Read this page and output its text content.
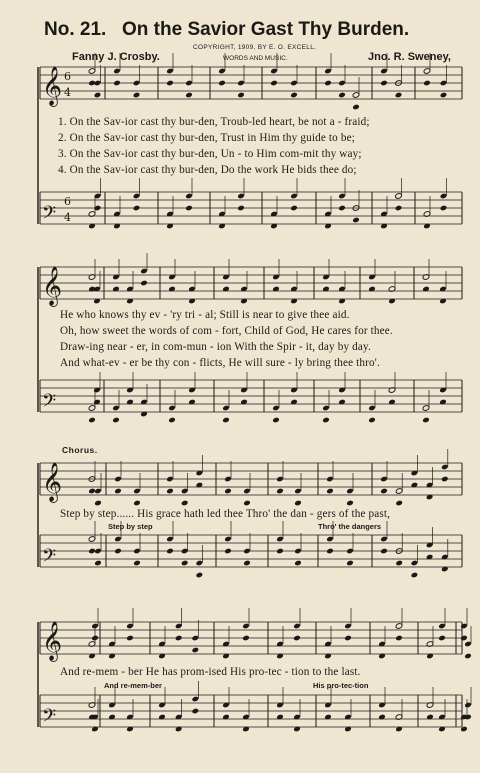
No. 21. On the Savior Gast Thy Burden.
COPYRIGHT, 1909, BY E. O. EXCELL.
WORDS AND MUSIC.
Fanny J. Crosby.	Jno. R. Sweney,
𝄞 6
4
𝄢
6
4
𝄞
𝄢
𝄞
𝄢
𝄞
𝄢
1. On the Sav-ior cast thy bur-den, Troub-led heart, be not a - fraid;
2. On the Sav-ior cast thy bur-den, Trust in Him thy guide to be;
3. On the Sav-ior cast thy bur-den, Un - to Him com-mit thy way;
4. On the Sav-ior cast thy bur-den, Do the work He bids thee do;
He who knows thy ev - 'ry tri - al; Still is near to give thee aid.
Oh, how sweet the words of com - fort, Child of God, He cares for thee.
Draw-ing near - er, in com-mun - ion With the Spir - it, day by day.
And what-ev - er be thy con - flicts, He will sure - ly bring thee thro'.
Chorus.
Step by step...... His grace hath led thee Thro' the dan - gers of the past,
Step by step	Thro' the dangers
And re-mem - ber He has prom-ised His pro-tec - tion to the last.
And re-mem-ber	His pro-tec-tion
